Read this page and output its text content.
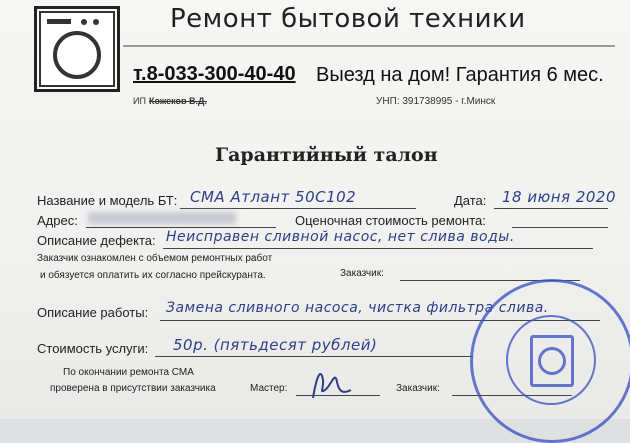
Ремонт бытовой техники
т.8-033-300-40-40 Выезд на дом! Гарантия 6 мес.
ИП Кожеков В.Д.	УНП: 391738995 - г.Минск
Гарантийный талон
Название и модель БТ: СМА Атлант 50С102	Дата: 18 июня 2020
Адрес:	Оценочная стоимость ремонта:
Описание дефекта: Неисправен сливной насос, нет слива воды.
Заказчик ознакомлен с объемом ремонтных работ
и обязуется оплатить их согласно прейскуранта.	Заказчик:
Описание работы: Замена сливного насоса, чистка фильтра слива.
Стоимость услуги: 50р. (пятьдесят рублей)
По окончании ремонта СМА
проверена в присутствии заказчика	Мастер:	Заказчик:
